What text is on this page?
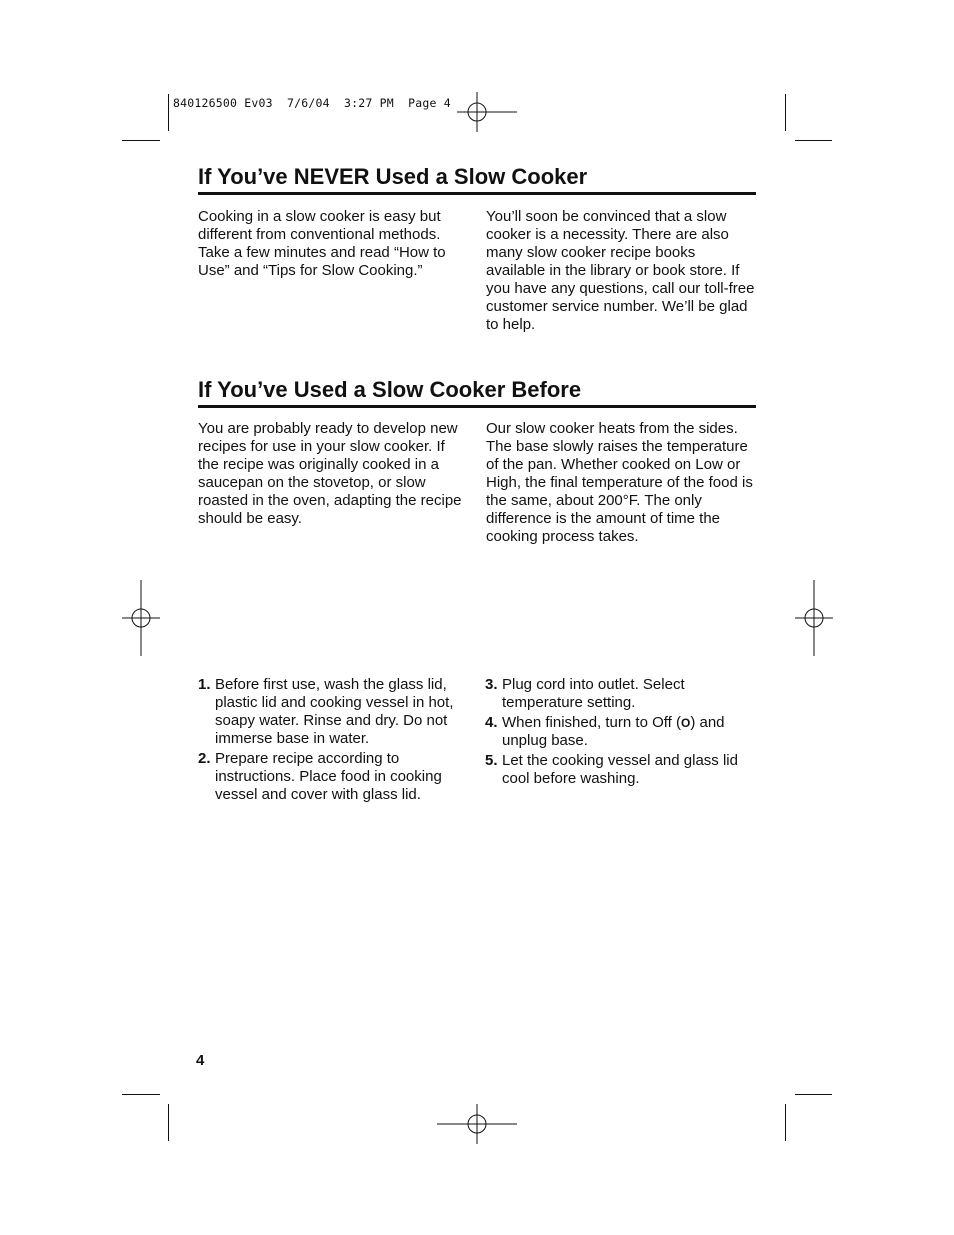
840126500 Ev03  7/6/04  3:27 PM  Page 4
If You’ve NEVER Used a Slow Cooker

Cooking in a slow cooker is easy but different from conventional methods. Take a few minutes and read “How to Use” and “Tips for Slow Cooking.”

You’ll soon be convinced that a slow cooker is a necessity. There are also many slow cooker recipe books available in the library or book store. If you have any questions, call our toll-free customer service number. We’ll be glad to help.

If You’ve Used a Slow Cooker Before

You are probably ready to develop new recipes for use in your slow cooker. If the recipe was originally cooked in a saucepan on the stovetop, or slow roasted in the oven, adapting the recipe should be easy.

Our slow cooker heats from the sides. The base slowly raises the temperature of the pan. Whether cooked on Low or High, the final temperature of the food is the same, about 200°F. The only difference is the amount of time the cooking process takes.

1. Before first use, wash the glass lid, plastic lid and cooking vessel in hot, soapy water. Rinse and dry. Do not immerse base in water.
2. Prepare recipe according to instructions. Place food in cooking vessel and cover with glass lid.
3. Plug cord into outlet. Select temperature setting.
4. When finished, turn to Off (O) and unplug base.
5. Let the cooking vessel and glass lid cool before washing.
4
